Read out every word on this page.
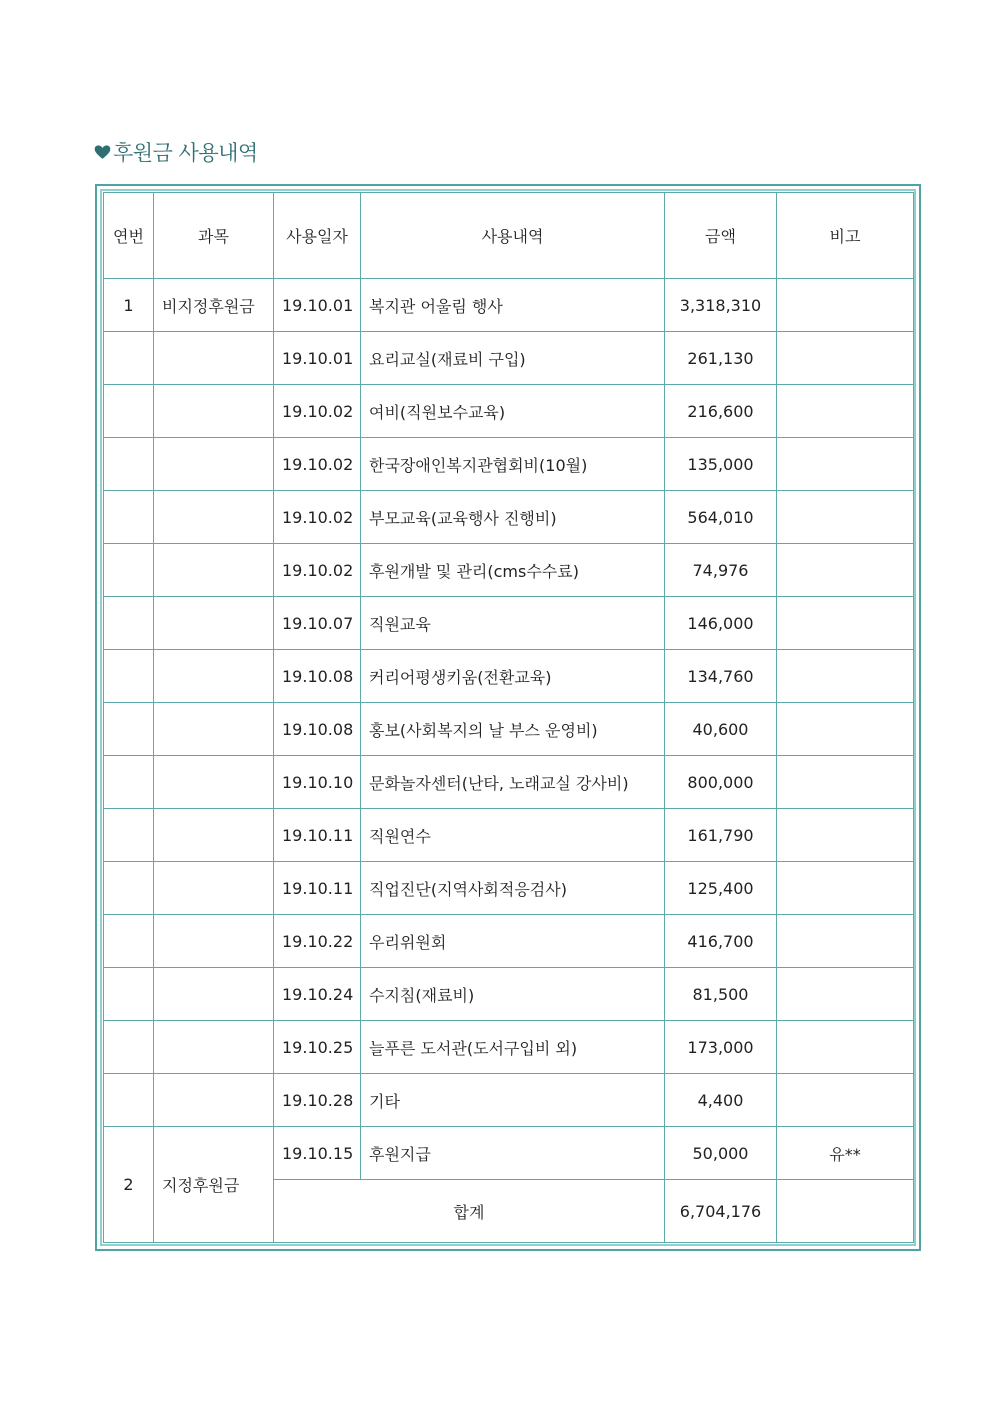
후원금 사용내역
연번	과목	사용일자	사용내역	금액	비고
1	비지정후원금	19.10.01	복지관 어울림 행사	3,318,310	
		19.10.01	요리교실(재료비 구입)	261,130	
		19.10.02	여비(직원보수교육)	216,600	
		19.10.02	한국장애인복지관협회비(10월)	135,000	
		19.10.02	부모교육(교육행사 진행비)	564,010	
		19.10.02	후원개발 및 관리(cms수수료)	74,976	
		19.10.07	직원교육	146,000	
		19.10.08	커리어평생키움(전환교육)	134,760	
		19.10.08	홍보(사회복지의 날 부스 운영비)	40,600	
		19.10.10	문화놀자센터(난타, 노래교실 강사비)	800,000	
		19.10.11	직원연수	161,790	
		19.10.11	직업진단(지역사회적응검사)	125,400	
		19.10.22	우리위원회	416,700	
		19.10.24	수지침(재료비)	81,500	
		19.10.25	늘푸른 도서관(도서구입비 외)	173,000	
		19.10.28	기타	4,400	
2	지정후원금	19.10.15	후원지급	50,000	유**
		합계		6,704,176	
